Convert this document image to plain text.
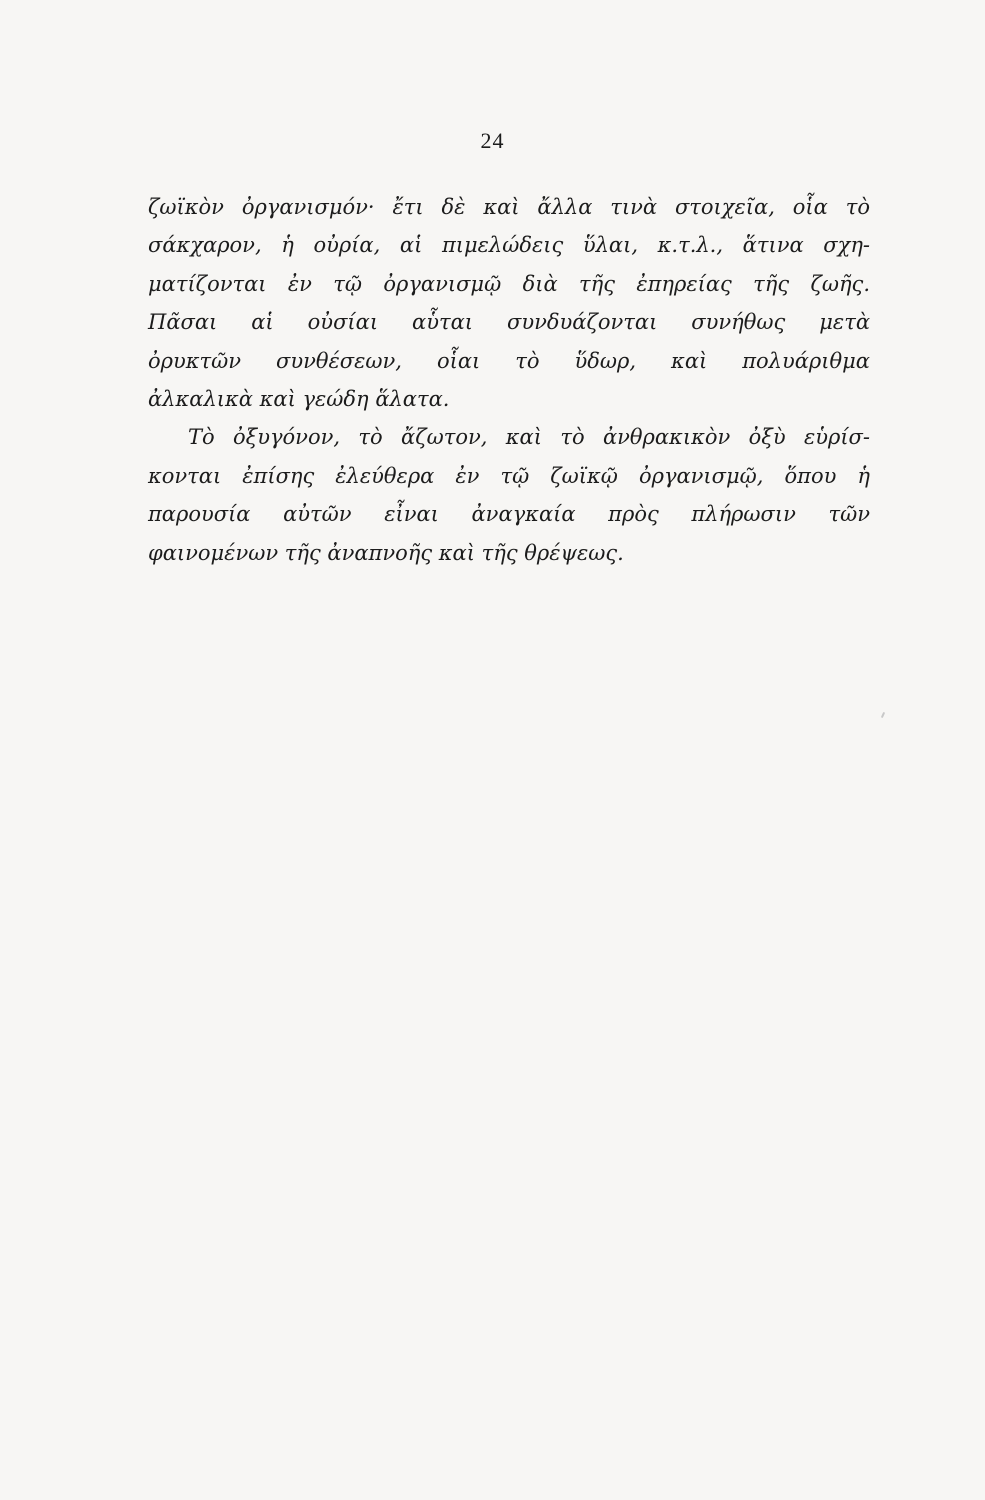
24
ζωϊκὸν ὀργανισμόν· ἔτι δὲ καὶ ἄλλα τινὰ στοιχεῖα, οἷα τὸ
σάκχαρον, ἡ οὐρία, αἱ πιμελώδεις ὕλαι, κ.τ.λ., ἅτινα σχη-
ματίζονται ἐν τῷ ὀργανισμῷ διὰ τῆς ἐπηρείας τῆς ζωῆς.
Πᾶσαι αἱ οὐσίαι αὗται συνδυάζονται συνήθως μετὰ
ὀρυκτῶν συνθέσεων, οἷαι τὸ ὕδωρ, καὶ πολυάριθμα
ἀλκαλικὰ καὶ γεώδη ἅλατα.
Τὸ ὀξυγόνον, τὸ ἄζωτον, καὶ τὸ ἀνθρακικὸν ὀξὺ εὑρίσ-
κονται ἐπίσης ἐλεύθερα ἐν τῷ ζωϊκῷ ὀργανισμῷ, ὅπου ἡ
παρουσία αὐτῶν εἶναι ἀναγκαία πρὸς πλήρωσιν τῶν
φαινομένων τῆς ἀναπνοῆς καὶ τῆς θρέψεως.
